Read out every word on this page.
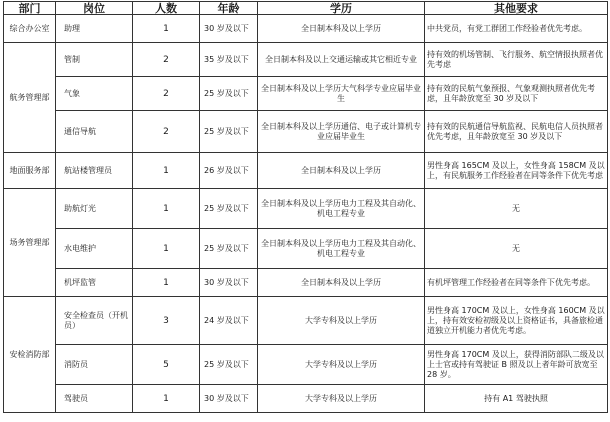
部门	岗位	人数	年龄	学历	其他要求
综合办公室	助理	1	30 岁及以下	全日制本科及以上学历	中共党员，有党工群团工作经验者优先考虑。
航务管理部	管制	2	35 岁及以下	全日制本科及以上交通运输或其它相近专业	持有效的机场管制、飞行服务、航空情报执照者优先考虑
	气象	2	25 岁及以下	全日制本科及以上学历大气科学专业应届毕业生	持有效的民航气象预报、气象观测执照者优先考虑，且年龄放宽至 30 岁及以下
	通信导航	2	25 岁及以下	全日制本科及以上学历通信、电子或计算机专业应届毕业生	持有效的民航通信导航监视、民航电信人员执照者优先考虑，且年龄放宽至 30 岁及以下
地面服务部	航站楼管理员	1	26 岁及以下	全日制本科及以上学历	男性身高 165CM 及以上，女性身高 158CM 及以上，有民航服务工作经验者在同等条件下优先考虑
场务管理部	助航灯光	1	25 岁及以下	全日制本科及以上学历电力工程及其自动化、机电工程专业	无
	水电维护	1	25 岁及以下	全日制本科及以上学历电力工程及其自动化、机电工程专业	无
	机坪监管	1	30 岁及以下	全日制本科及以上学历	有机坪管理工作经验者在同等条件下优先考虑。
安检消防部	安全检查员（开机员）	3	24 岁及以下	大学专科及以上学历	男性身高 170CM 及以上，女性身高 160CM 及以上，持有效安检初级及以上资格证书，具备旅检通道独立开机能力者优先考虑。
	消防员	5	25 岁及以下	大学专科及以上学历	男性身高 170CM 及以上，获得消防部队二级及以上士官或持有驾驶证 B 照及以上者年龄可放宽至 28 岁。
	驾驶员	1	30 岁及以下	大学专科及以上学历	持有 A1 驾驶执照
